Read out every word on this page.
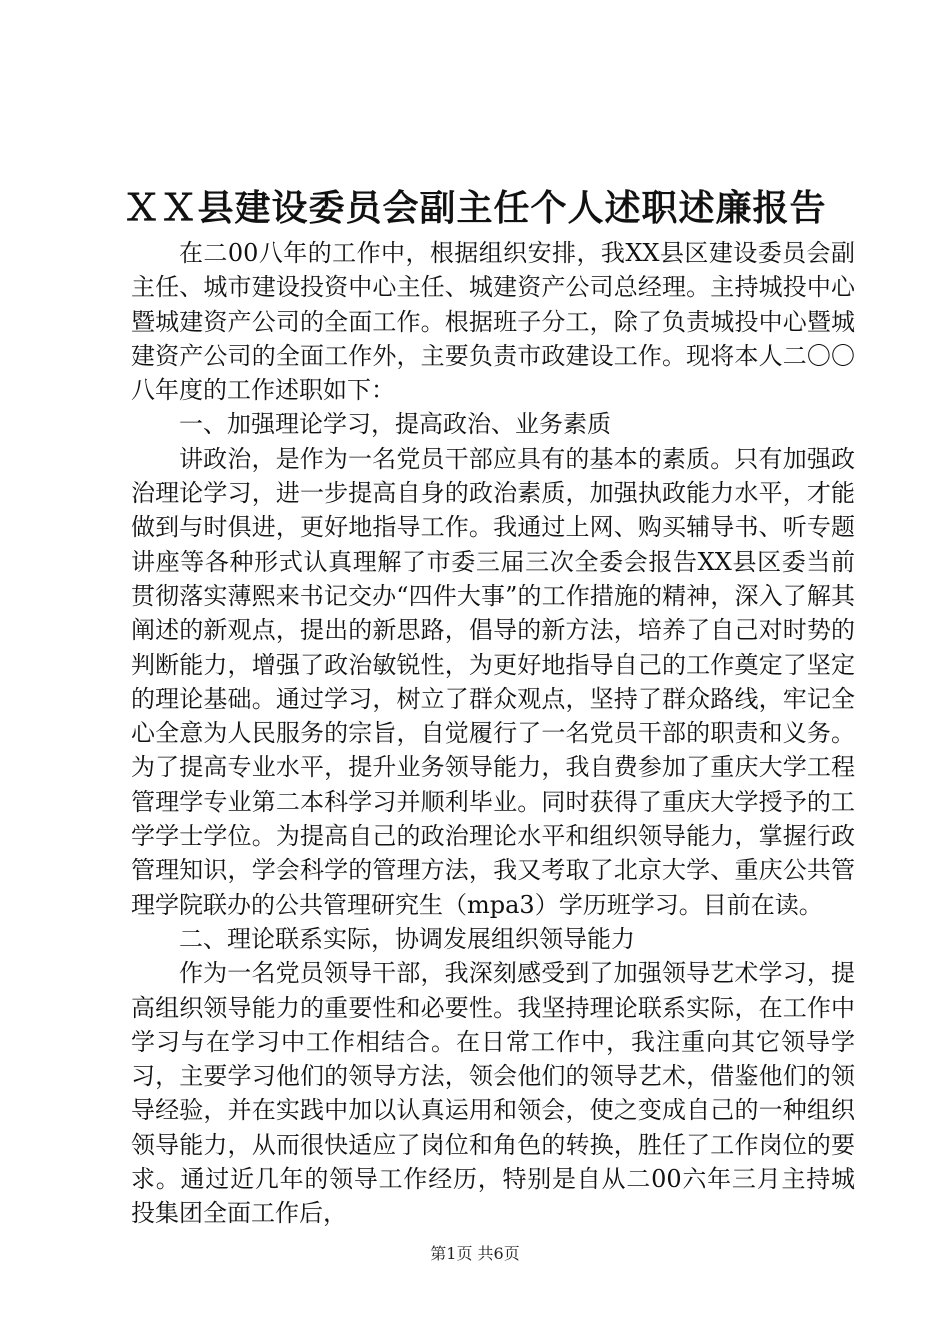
ＸＸ县建设委员会副主任个人述职述廉报告

在二00八年的工作中，根据组织安排，我XX县区建设委员会副主任、城市建设投资中心主任、城建资产公司总经理。主持城投中心暨城建资产公司的全面工作。根据班子分工，除了负责城投中心暨城建资产公司的全面工作外，主要负责市政建设工作。现将本人二〇〇八年度的工作述职如下：

一、加强理论学习，提高政治、业务素质

讲政治，是作为一名党员干部应具有的基本的素质。只有加强政治理论学习，进一步提高自身的政治素质，加强执政能力水平，才能做到与时俱进，更好地指导工作。我通过上网、购买辅导书、听专题讲座等各种形式认真理解了市委三届三次全委会报告XX县区委当前贯彻落实薄熙来书记交办“四件大事”的工作措施的精神，深入了解其阐述的新观点，提出的新思路，倡导的新方法，培养了自己对时势的判断能力，增强了政治敏锐性，为更好地指导自己的工作奠定了坚定的理论基础。通过学习，树立了群众观点，坚持了群众路线，牢记全心全意为人民服务的宗旨，自觉履行了一名党员干部的职责和义务。为了提高专业水平，提升业务领导能力，我自费参加了重庆大学工程管理学专业第二本科学习并顺利毕业。同时获得了重庆大学授予的工学学士学位。为提高自己的政治理论水平和组织领导能力，掌握行政管理知识，学会科学的管理方法，我又考取了北京大学、重庆公共管理学院联办的公共管理研究生（mpa3）学历班学习。目前在读。

二、理论联系实际，协调发展组织领导能力

作为一名党员领导干部，我深刻感受到了加强领导艺术学习，提高组织领导能力的重要性和必要性。我坚持理论联系实际，在工作中学习与在学习中工作相结合。在日常工作中，我注重向其它领导学习，主要学习他们的领导方法，领会他们的领导艺术，借鉴他们的领导经验，并在实践中加以认真运用和领会，使之变成自己的一种组织领导能力，从而很快适应了岗位和角色的转换，胜任了工作岗位的要求。通过近几年的领导工作经历，特别是自从二00六年三月主持城投集团全面工作后，

第1页 共6页
